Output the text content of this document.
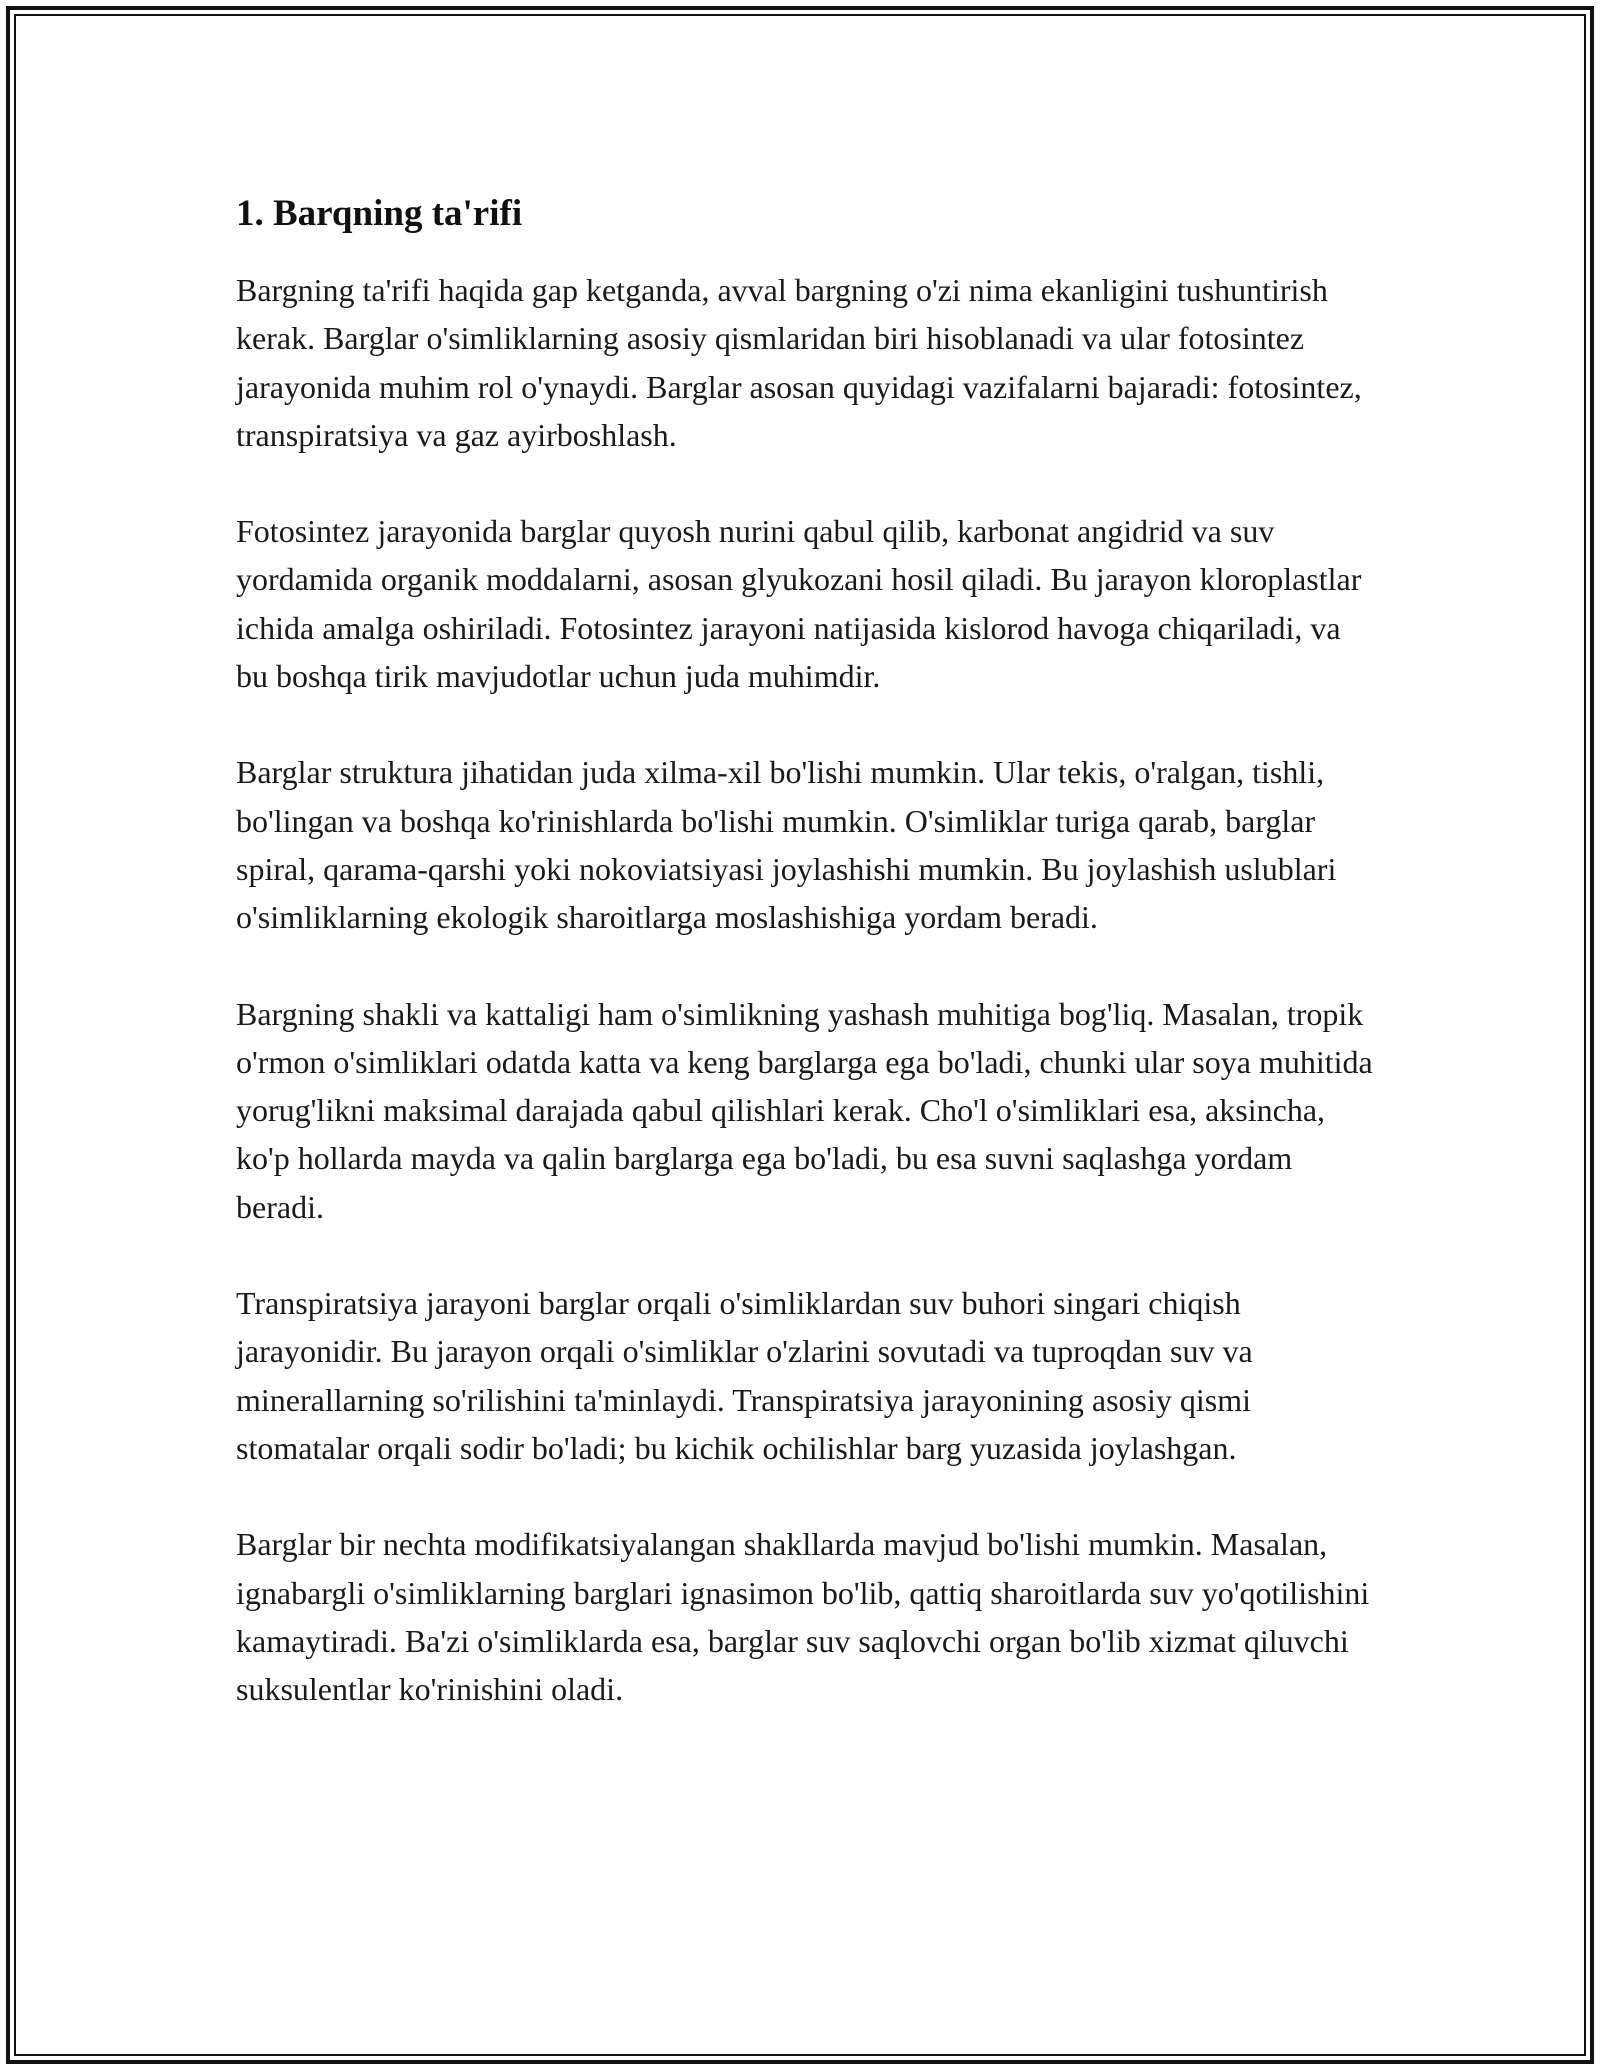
1. Barqning ta'rifi

Bargning ta'rifi haqida gap ketganda, avval bargning o'zi nima ekanligini tushuntirish kerak. Barglar o'simliklarning asosiy qismlaridan biri hisoblanadi va ular fotosintez jarayonida muhim rol o'ynaydi. Barglar asosan quyidagi vazifalarni bajaradi: fotosintez, transpiratsiya va gaz ayirboshlash.

Fotosintez jarayonida barglar quyosh nurini qabul qilib, karbonat angidrid va suv yordamida organik moddalarni, asosan glyukozani hosil qiladi. Bu jarayon kloroplastlar ichida amalga oshiriladi. Fotosintez jarayoni natijasida kislorod havoga chiqariladi, va bu boshqa tirik mavjudotlar uchun juda muhimdir.

Barglar struktura jihatidan juda xilma-xil bo'lishi mumkin. Ular tekis, o'ralgan, tishli, bo'lingan va boshqa ko'rinishlarda bo'lishi mumkin. O'simliklar turiga qarab, barglar spiral, qarama-qarshi yoki nokoviatsiyasi joylashishi mumkin. Bu joylashish uslublari o'simliklarning ekologik sharoitlarga moslashishiga yordam beradi.

Bargning shakli va kattaligi ham o'simlikning yashash muhitiga bog'liq. Masalan, tropik o'rmon o'simliklari odatda katta va keng barglarga ega bo'ladi, chunki ular soya muhitida yorug'likni maksimal darajada qabul qilishlari kerak. Cho'l o'simliklari esa, aksincha, ko'p hollarda mayda va qalin barglarga ega bo'ladi, bu esa suvni saqlashga yordam beradi.

Transpiratsiya jarayoni barglar orqali o'simliklardan suv buhori singari chiqish jarayonidir. Bu jarayon orqali o'simliklar o'zlarini sovutadi va tuproqdan suv va minerallarning so'rilishini ta'minlaydi. Transpiratsiya jarayonining asosiy qismi stomatalar orqali sodir bo'ladi; bu kichik ochilishlar barg yuzasida joylashgan.

Barglar bir nechta modifikatsiyalangan shakllarda mavjud bo'lishi mumkin. Masalan, ignabargli o'simliklarning barglari ignasimon bo'lib, qattiq sharoitlarda suv yo'qotilishini kamaytiradi. Ba'zi o'simliklarda esa, barglar suv saqlovchi organ bo'lib xizmat qiluvchi suksulentlar ko'rinishini oladi.
